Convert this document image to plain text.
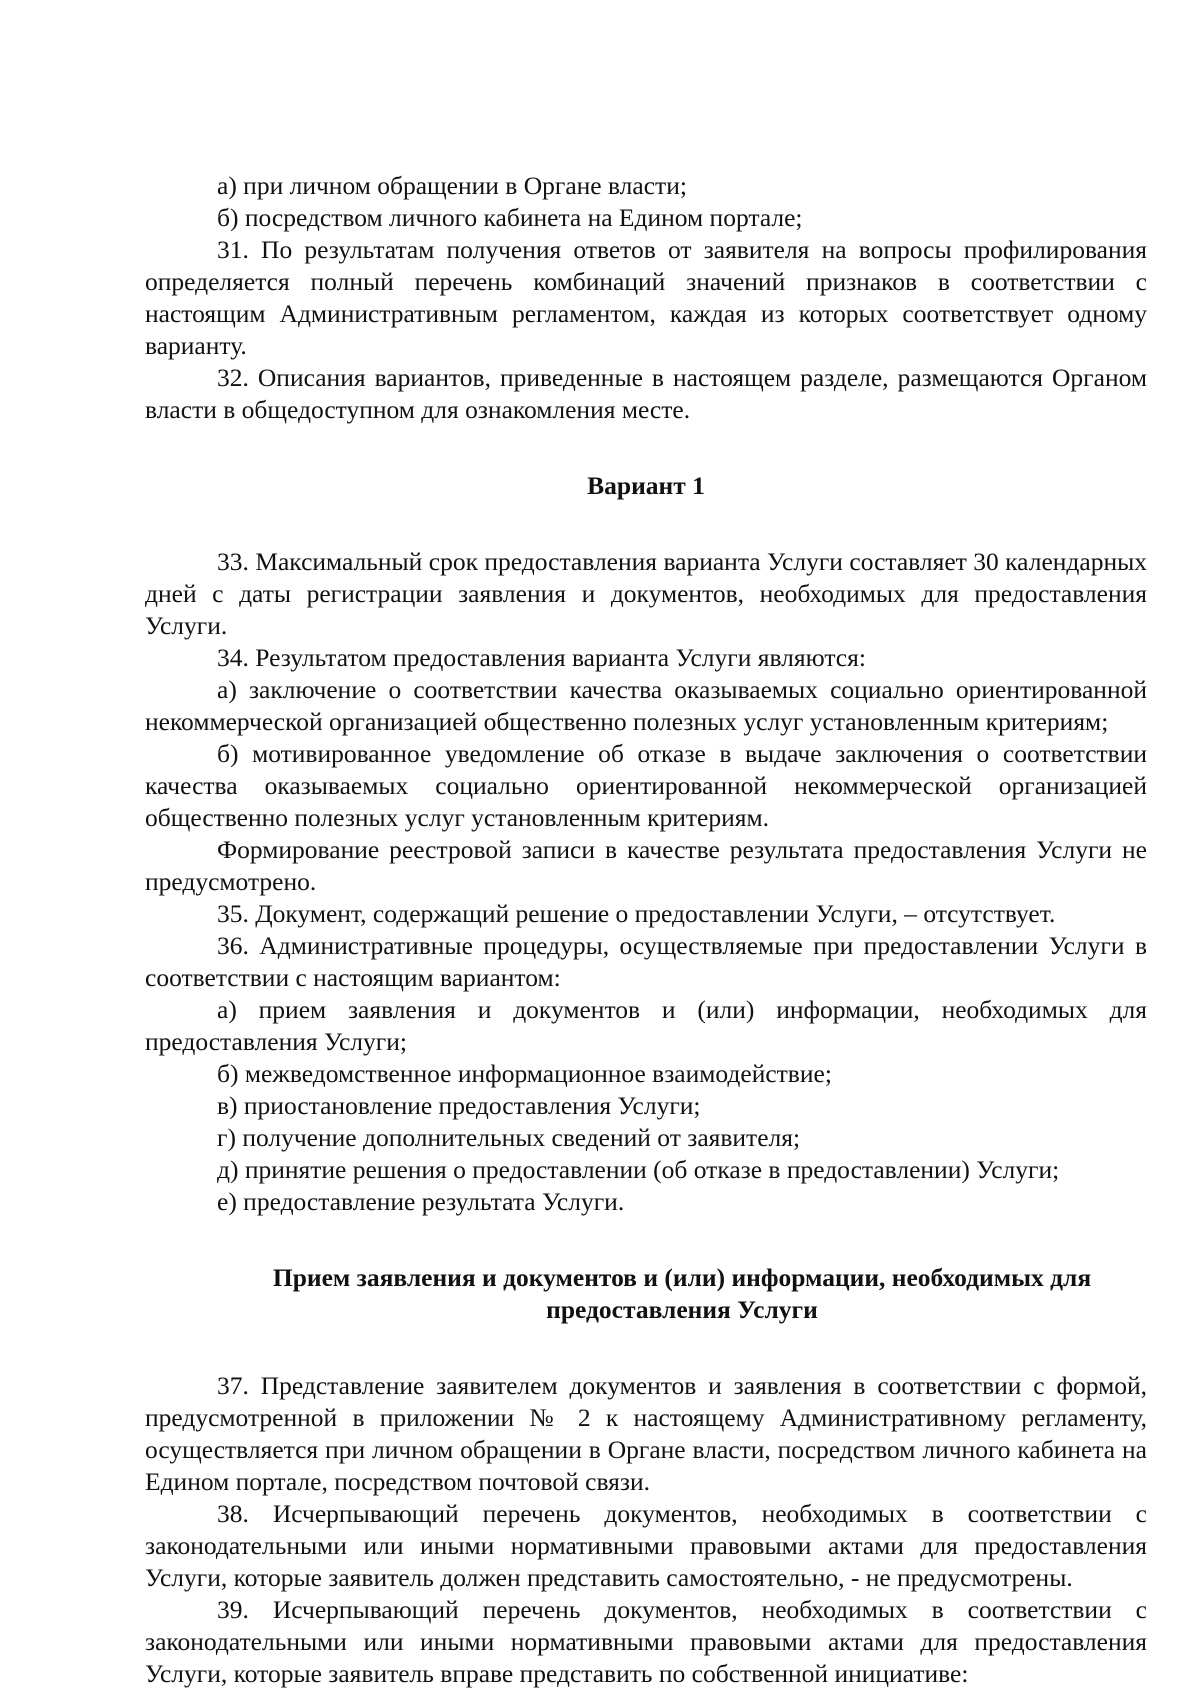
а) при личном обращении в Органе власти;

б) посредством личного кабинета на Едином портале;

31. По результатам получения ответов от заявителя на вопросы профилирования определяется полный перечень комбинаций значений признаков в соответствии с настоящим Административным регламентом, каждая из которых соответствует одному варианту.

32. Описания вариантов, приведенные в настоящем разделе, размещаются Органом власти в общедоступном для ознакомления месте.

Вариант 1

33. Максимальный срок предоставления варианта Услуги составляет 30 календарных дней с даты регистрации заявления и документов, необходимых для предоставления Услуги.

34. Результатом предоставления варианта Услуги являются:

а) заключение о соответствии качества оказываемых социально ориентированной некоммерческой организацией общественно полезных услуг установленным критериям;

б) мотивированное уведомление об отказе в выдаче заключения о соответствии качества оказываемых социально ориентированной некоммерческой организацией общественно полезных услуг установленным критериям.

Формирование реестровой записи в качестве результата предоставления Услуги не предусмотрено.

35. Документ, содержащий решение о предоставлении Услуги, – отсутствует.

36. Административные процедуры, осуществляемые при предоставлении Услуги в соответствии с настоящим вариантом:

а) прием заявления и документов и (или) информации, необходимых для предоставления Услуги;

б) межведомственное информационное взаимодействие;

в) приостановление предоставления Услуги;

г) получение дополнительных сведений от заявителя;

д) принятие решения о предоставлении (об отказе в предоставлении) Услуги;

е) предоставление результата Услуги.

Прием заявления и документов и (или) информации, необходимых для предоставления Услуги

37. Представление заявителем документов и заявления в соответствии с формой, предусмотренной в приложении № 2 к настоящему Административному регламенту, осуществляется при личном обращении в Органе власти, посредством личного кабинета на Едином портале, посредством почтовой связи.

38. Исчерпывающий перечень документов, необходимых в соответствии с законодательными или иными нормативными правовыми актами для предоставления Услуги, которые заявитель должен представить самостоятельно, - не предусмотрены.

39. Исчерпывающий перечень документов, необходимых в соответствии с законодательными или иными нормативными правовыми актами для предоставления Услуги, которые заявитель вправе представить по собственной инициативе:
